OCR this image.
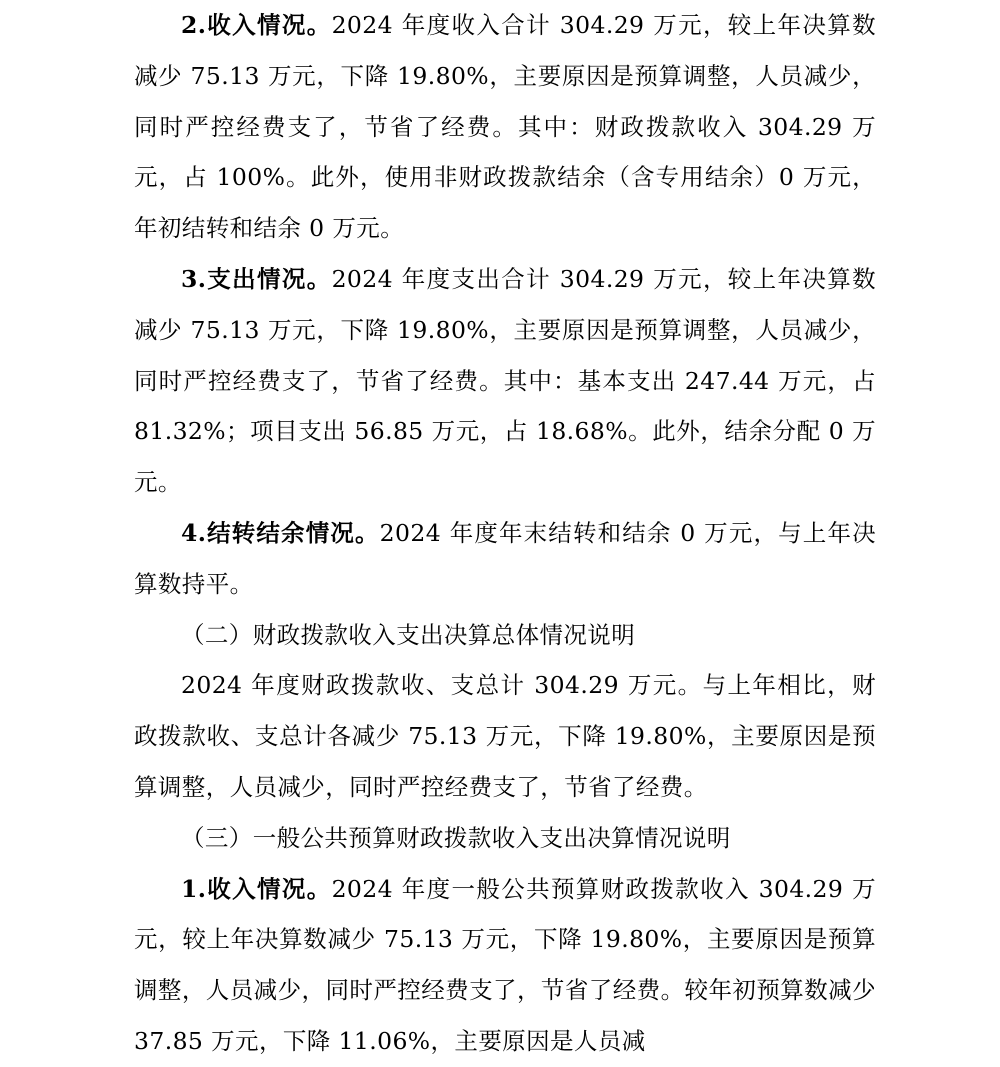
2.收入情况。2024 年度收入合计 304.29 万元，较上年决算数减少 75.13 万元，下降 19.80%，主要原因是预算调整，人员减少，同时严控经费支了，节省了经费。其中：财政拨款收入 304.29 万元，占 100%。此外，使用非财政拨款结余（含专用结余）0 万元，年初结转和结余 0 万元。

3.支出情况。2024 年度支出合计 304.29 万元，较上年决算数减少 75.13 万元，下降 19.80%，主要原因是预算调整，人员减少，同时严控经费支了，节省了经费。其中：基本支出 247.44 万元，占 81.32%；项目支出 56.85 万元，占 18.68%。此外，结余分配 0 万元。

4.结转结余情况。2024 年度年末结转和结余 0 万元，与上年决算数持平。

（二）财政拨款收入支出决算总体情况说明

2024 年度财政拨款收、支总计 304.29 万元。与上年相比，财政拨款收、支总计各减少 75.13 万元，下降 19.80%，主要原因是预算调整，人员减少，同时严控经费支了，节省了经费。

（三）一般公共预算财政拨款收入支出决算情况说明

1.收入情况。2024 年度一般公共预算财政拨款收入 304.29 万元，较上年决算数减少 75.13 万元，下降 19.80%，主要原因是预算调整，人员减少，同时严控经费支了，节省了经费。较年初预算数减少 37.85 万元，下降 11.06%，主要原因是人员减
